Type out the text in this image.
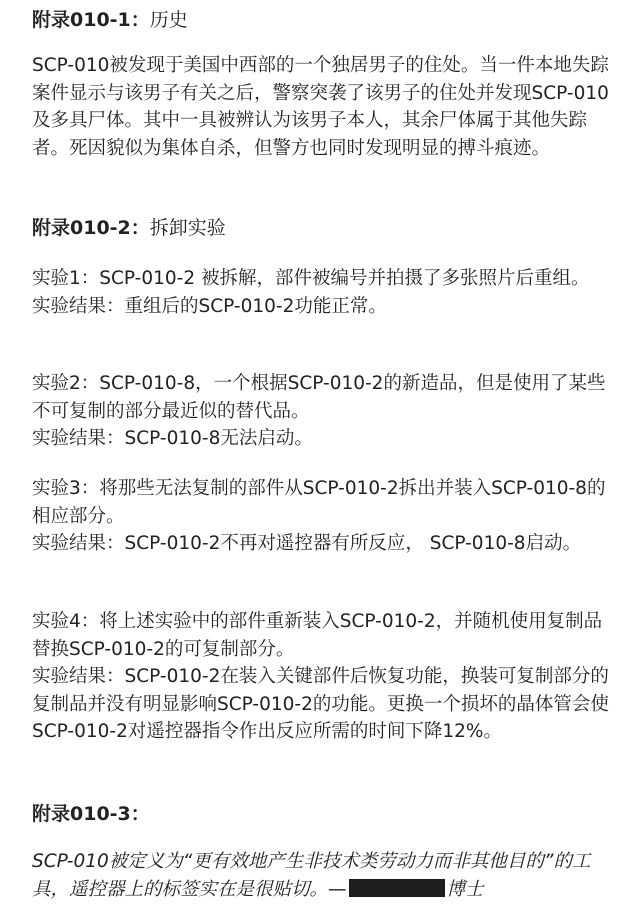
附录010-1：历史

SCP-010被发现于美国中西部的一个独居男子的住处。当一件本地失踪案件显示与该男子有关之后，警察突袭了该男子的住处并发现SCP-010及多具尸体。其中一具被辨认为该男子本人，其余尸体属于其他失踪者。死因貌似为集体自杀，但警方也同时发现明显的搏斗痕迹。

附录010-2：拆卸实验

实验1：SCP-010-2 被拆解，部件被编号并拍摄了多张照片后重组。

实验结果：重组后的SCP-010-2功能正常。

实验2：SCP-010-8，一个根据SCP-010-2的新造品，但是使用了某些不可复制的部分最近似的替代品。

实验结果：SCP-010-8无法启动。

实验3：将那些无法复制的部件从SCP-010-2拆出并装入SCP-010-8的相应部分。

实验结果：SCP-010-2不再对遥控器有所反应， SCP-010-8启动。

实验4：将上述实验中的部件重新装入SCP-010-2，并随机使用复制品替换SCP-010-2的可复制部分。

实验结果：SCP-010-2在装入关键部件后恢复功能，换装可复制部分的复制品并没有明显影响SCP-010-2的功能。更换一个损坏的晶体管会使SCP-010-2对遥控器指令作出反应所需的时间下降12%。

附录010-3：

SCP-010被定义为“更有效地产生非技术类劳动力而非其他目的”的工具，遥控器上的标签实在是很贴切。—	博士
